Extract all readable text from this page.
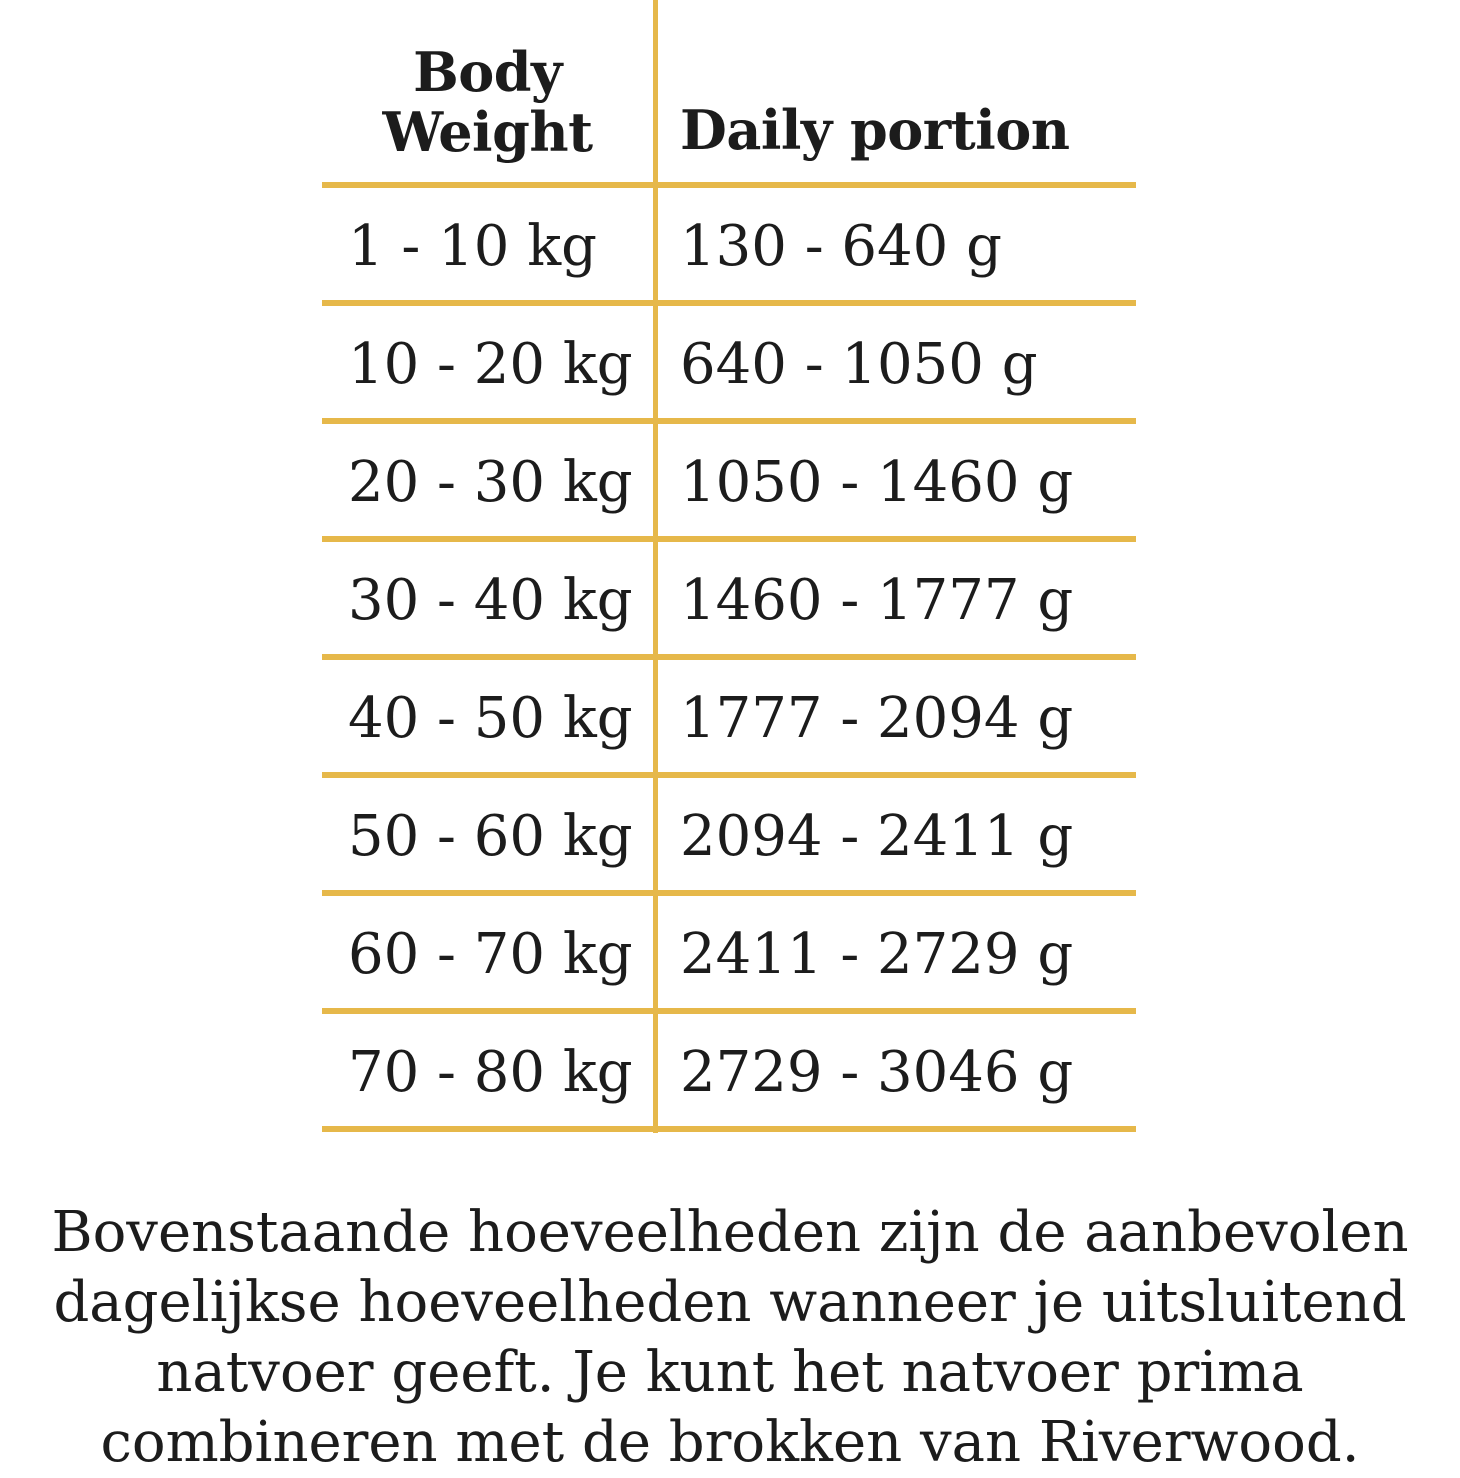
Body
Weight	Daily portion
1 - 10 kg 130 - 640 g
10 - 20 kg 640 - 1050 g
20 - 30 kg 1050 - 1460 g
30 - 40 kg 1460 - 1777 g
40 - 50 kg 1777 - 2094 g
50 - 60 kg 2094 - 2411 g
60 - 70 kg 2411 - 2729 g
70 - 80 kg 2729 - 3046 g
Bovenstaande hoeveelheden zijn de aanbevolen dagelijkse hoeveelheden wanneer je uitsluitend natvoer geeft. Je kunt het natvoer prima combineren met de brokken van Riverwood.
